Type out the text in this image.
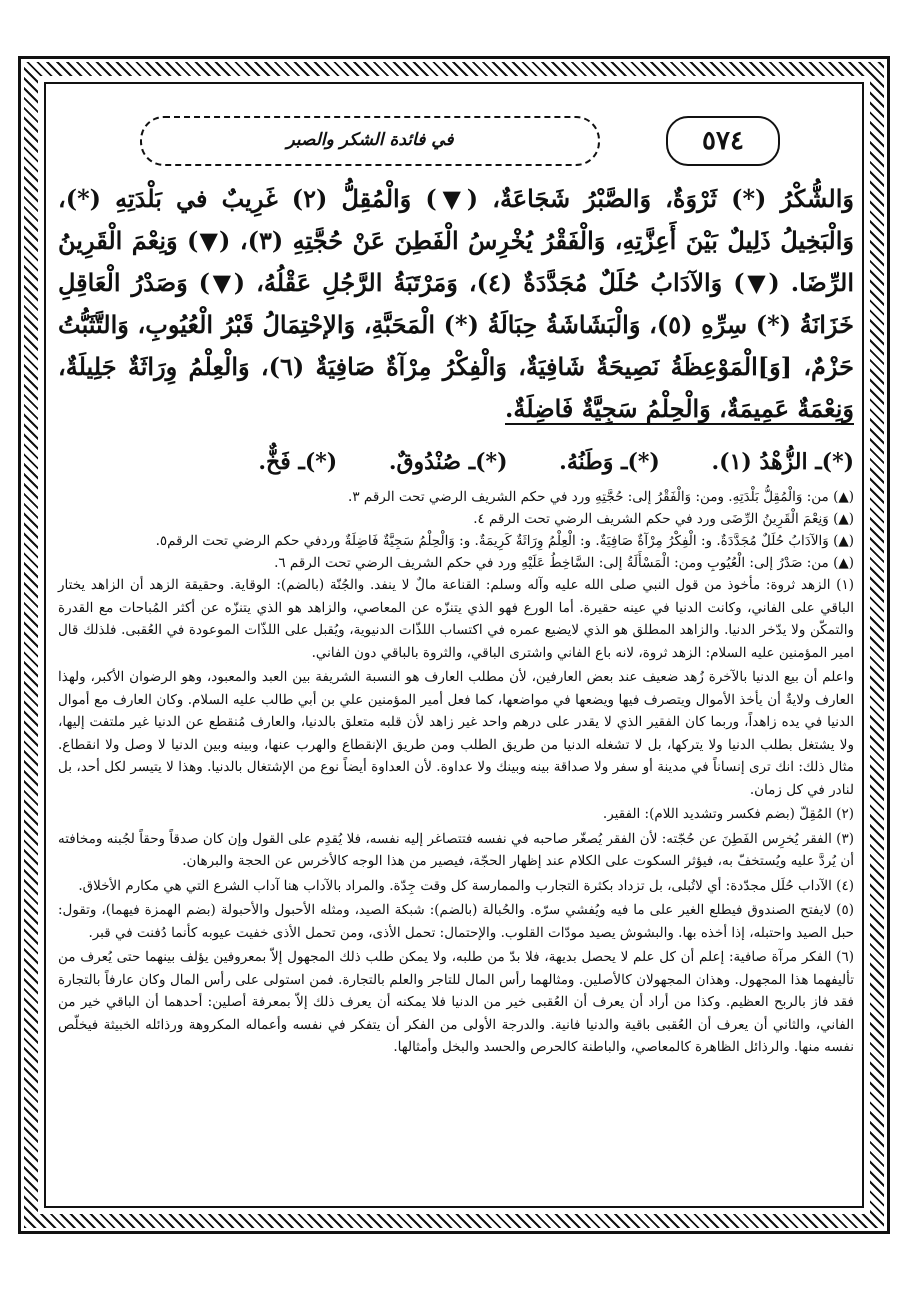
في فائدة الشكر والصبر	٥٧٤

وَالشُّكْرُ (*) ثَرْوَةٌ، وَالصَّبْرُ شَجَاعَةٌ، (▼) وَالْمُقِلُّ (٢) غَرِيبٌ في بَلْدَتِهِ (*)، وَالْبَخِيلُ ذَلِيلٌ بَيْنَ أَعِزَّتِهِ، وَالْفَقْرُ يُخْرِسُ الْفَطِنَ عَنْ حُجَّتِهِ (٣)، (▼) وَنِعْمَ الْقَرِينُ الرِّضَا. (▼) وَالآدَابُ حُلَلٌ مُجَدَّدَةٌ (٤)، وَمَرْتَبَةُ الرَّجُلِ عَقْلُهُ، (▼) وَصَدْرُ الْعَاقِلِ خَزَانَةُ (*) سِرِّهِ (٥)، وَالْبَشَاشَةُ حِبَالَةُ (*) الْمَحَبَّةِ، وَالإحْتِمَالُ قَبْرُ الْعُيُوبِ، وَالتَّثَبُّتُ حَزْمٌ، [وَ]الْمَوْعِظَةُ نَصِيحَةٌ شَافِيَةٌ، وَالْفِكْرُ مِرْآةٌ صَافِيَةٌ (٦)، وَالْعِلْمُ وِرَاثَةٌ جَلِيلَةٌ، وَنِعْمَةٌ عَمِيمَةٌ، وَالْحِلْمُ سَجِيَّةٌ فَاضِلَةٌ.

(*)ـ الزُّهْدُ (١). (*)ـ وَطَنُهُ. (*)ـ صُنْدُوقٌ. (*)ـ فَخٌّ.

(▲) من: وَالْمُقِلُّ بَلْدَتِهِ. ومن: وَالْفَقْرُ إلى: حُجَّتِهِ ورد في حكم الشريف الرضي تحت الرقم ٣.

(▲) وَنِعْمَ الْقَرِينُ الرِّضَى ورد في حكم الشريف الرضي تحت الرقم ٤.

(▲) وَالآدَابُ حُلَلٌ مُجَدَّدَةٌ. و: الْفِكْرُ مِرْآةٌ صَافِيَةٌ. و: الْعِلْمُ وِرَاثَةٌ كَرِيمَةٌ. و: وَالْحِلْمُ سَجِيَّةٌ فَاضِلَةٌ وردفي حكم الرضي تحت الرقم٥.

(▲) من: صَدْرُ إلى: الْعُيُوبِ ومن: الْمَسْأَلَةُ إلى: السَّاخِطُ عَلَيْهِ ورد في حكم الشريف الرضي تحت الرقم ٦.

(١) الزهد ثروة: مأخوذ من قول النبي صلى الله عليه وآله وسلم: القناعة مالٌ لا ينفد. والجُنّة (بالضم): الوقاية. وحقيقة الزهد أن الزاهد يختار الباقي على الفاني، وكانت الدنيا في عينه حقيرة. أما الورع فهو الذي يتنزّه عن المعاصي، والزاهد هو الذي يتنزّه عن أكثر المُباحات مع القدرة والتمكّن ولا يدّخر الدنيا. والزاهد المطلق هو الذي لايضيع عمره في اكتساب اللذّات الدنيوية، ويُقبل على اللذّات الموعودة في العُقبى. فلذلك قال امير المؤمنين عليه السلام: الزهد ثروة، لانه باع الفاني واشترى الباقي، والثروة بالباقي دون الفاني.

واعلم أن بيع الدنيا بالآخرة زُهد ضعيف عند بعض العارفين، لأن مطلب العارف هو النسبة الشريفة بين العبد والمعبود، وهو الرضوان الأكبر، ولهذا العارف ولايةٌ أن يأخذ الأموال ويتصرف فيها ويضعها في مواضعها، كما فعل أمير المؤمنين علي بن أبي طالب عليه السلام. وكان العارف مع أموال الدنيا في يده زاهداً، وربما كان الفقير الذي لا يقدر على درهم واحد غير زاهد لأن قلبه متعلق بالدنيا، والعارف مُنقطع عن الدنيا غير ملتفت إليها، ولا يشتغل بطلب الدنيا ولا يتركها، بل لا تشغله الدنيا من طريق الطلب ومن طريق الإنقطاع والهرب عنها، وبينه وبين الدنيا لا وصل ولا انقطاع. مثال ذلك: انك ترى إنساناً في مدينة أو سفر ولا صداقة بينه وبينك ولا عداوة. لأن العداوة أيضاً نوع من الإشتغال بالدنيا. وهذا لا يتيسر لكل أحد، بل لنادر في كل زمان.

(٢) المُقِلّ (بضم فكسر وتشديد اللام): الفقير.

(٣) الفقر يُخرِس الفَطِنَ عن حُجّته: لأن الفقر يُصغّر صاحبه في نفسه فتتصاغر إليه نفسه، فلا يُقدِم على القول وإن كان صدقاً وحقاً لجُبنه ومخافته أن يُردَّ عليه ويُستخفّ به، فيؤثر السكوت على الكلام عند إظهار الحجّة، فيصير من هذا الوجه كالأخرس عن الحجة والبرهان.

(٤) الآداب حُلَل مجدّدة: أي لاتُبلى، بل تزداد بكثرة التجارب والممارسة كل وقت جِدّة. والمراد بالآداب هنا آداب الشرع التي هي مكارم الأخلاق.

(٥) لايفتح الصندوق فيطلع الغير على ما فيه ويُفشي سرّه. والحُبالة (بالضم): شبكة الصيد، ومثله الأحبول والأحبولة (بضم الهمزة فيهما)، وتقول: حبل الصيد واحتبله، إذا أخذه بها. والبشوش يصيد مودّات القلوب. والإحتمال: تحمل الأذى، ومن تحمل الأذى خفيت عيوبه كأنما دُفنت في قبر.

(٦) الفكر مرآة صافية: إعلم أن كل علم لا يحصل بديهة، فلا بدّ من طلبه، ولا يمكن طلب ذلك المجهول إلاّ بمعروفين يؤلف بينهما حتى يُعرف من تأليفهما هذا المجهول. وهذان المجهولان كالأصلين. ومثالهما رأس المال للتاجر والعلم بالتجارة. فمن استولى على رأس المال وكان عارفاً بالتجارة فقد فاز بالربح العظيم. وكذا من أراد أن يعرف أن العُقبى خير من الدنيا فلا يمكنه أن يعرف ذلك إلاّ بمعرفة أصلين: أحدهما أن الباقي خير من الفاني، والثاني أن يعرف أن العُقبى باقية والدنيا فانية. والدرجة الأولى من الفكر أن يتفكر في نفسه وأعماله المكروهة ورذائله الخبيثة فيخلّص نفسه منها. والرذائل الظاهرة كالمعاصي، والباطنة كالحرص والحسد والبخل وأمثالها.
